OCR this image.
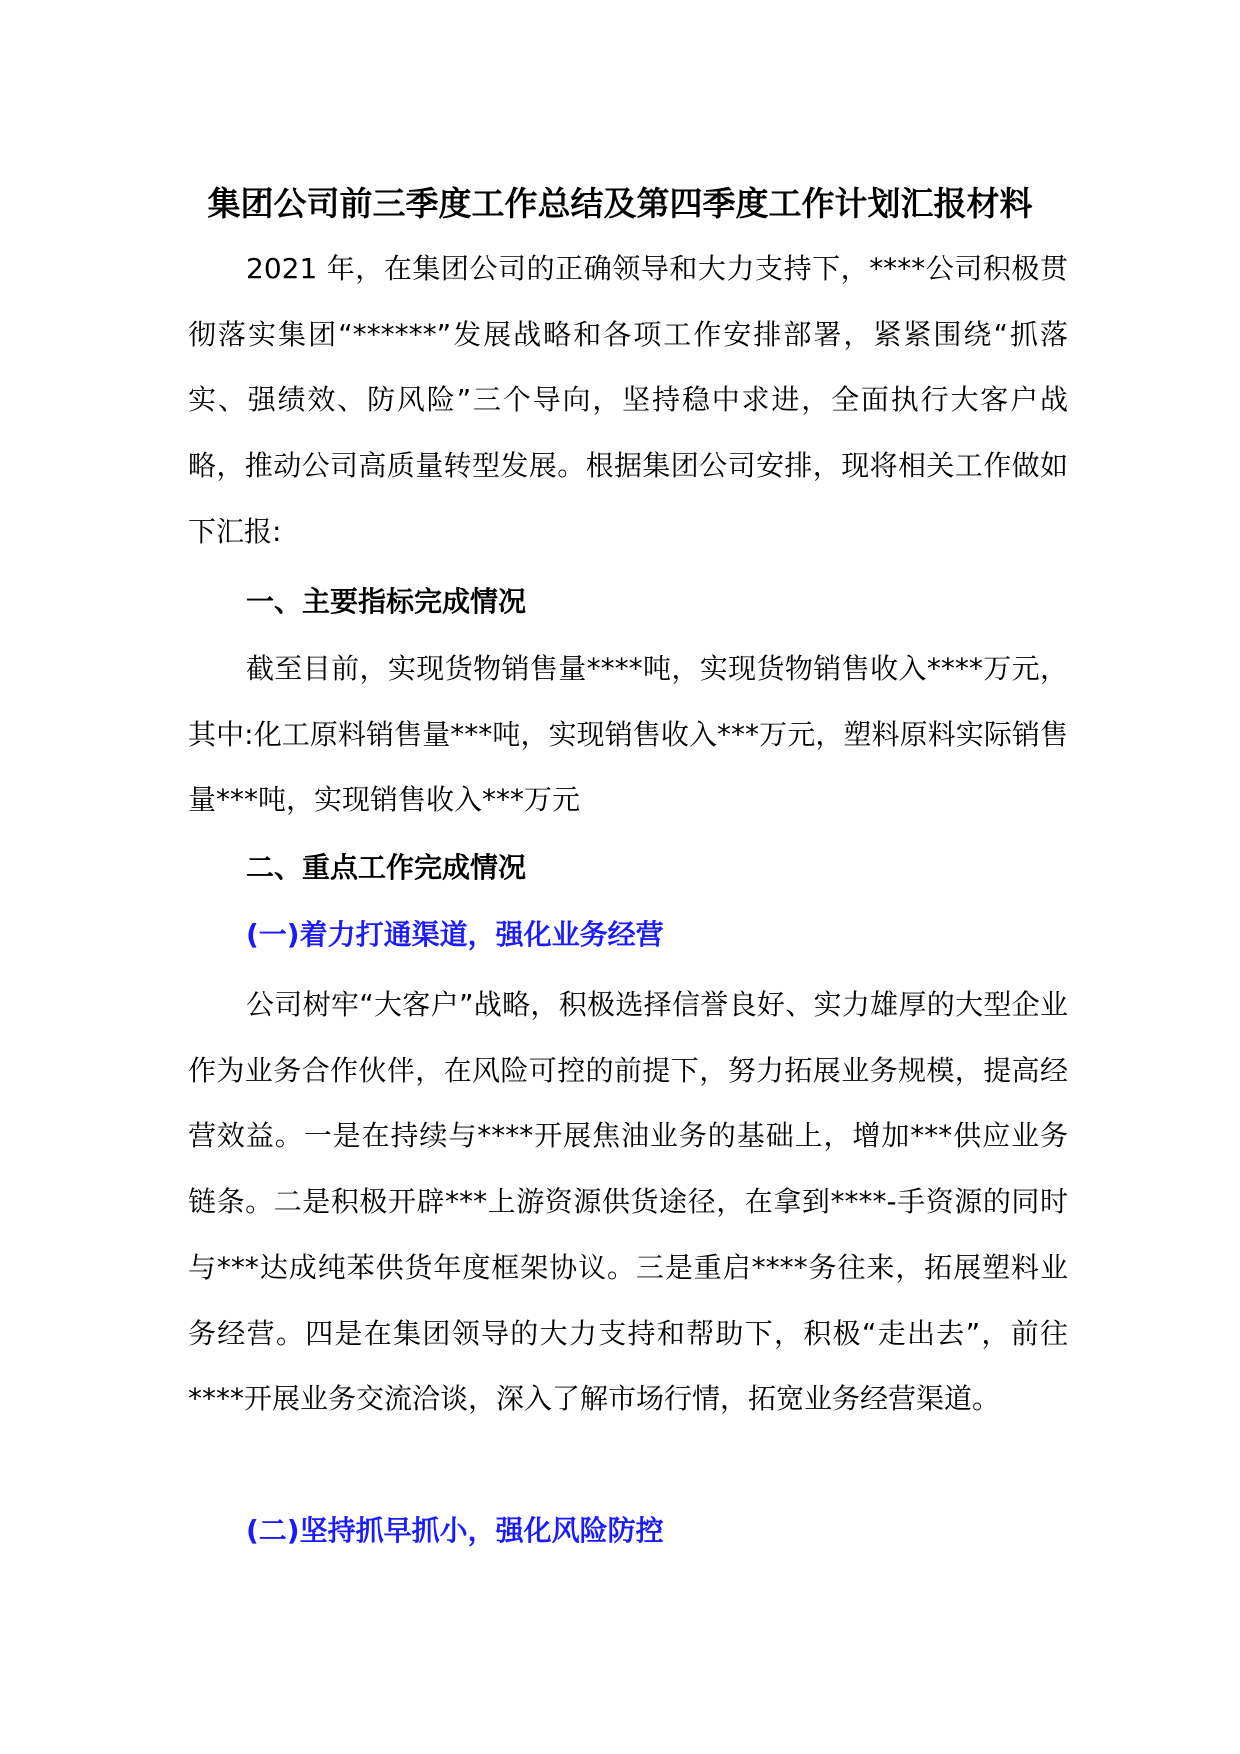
集团公司前三季度工作总结及第四季度工作计划汇报材料

2021 年，在集团公司的正确领导和大力支持下，****公司积极贯彻落实集团“******”发展战略和各项工作安排部署，紧紧围绕“抓落实、强绩效、防风险”三个导向，坚持稳中求进，全面执行大客户战略，推动公司高质量转型发展。根据集团公司安排，现将相关工作做如下汇报:

一、主要指标完成情况

截至目前，实现货物销售量****吨，实现货物销售收入****万元，其中:化工原料销售量***吨，实现销售收入***万元，塑料原料实际销售量***吨，实现销售收入***万元

二、重点工作完成情况
(一)着力打通渠道，强化业务经营

公司树牢“大客户”战略，积极选择信誉良好、实力雄厚的大型企业作为业务合作伙伴，在风险可控的前提下，努力拓展业务规模，提高经营效益。一是在持续与****开展焦油业务的基础上，增加***供应业务链条。二是积极开辟***上游资源供货途径，在拿到****-手资源的同时与***达成纯苯供货年度框架协议。三是重启****务往来，拓展塑料业务经营。四是在集团领导的大力支持和帮助下，积极“走出去”，前往****开展业务交流洽谈，深入了解市场行情，拓宽业务经营渠道。

(二)坚持抓早抓小，强化风险防控
